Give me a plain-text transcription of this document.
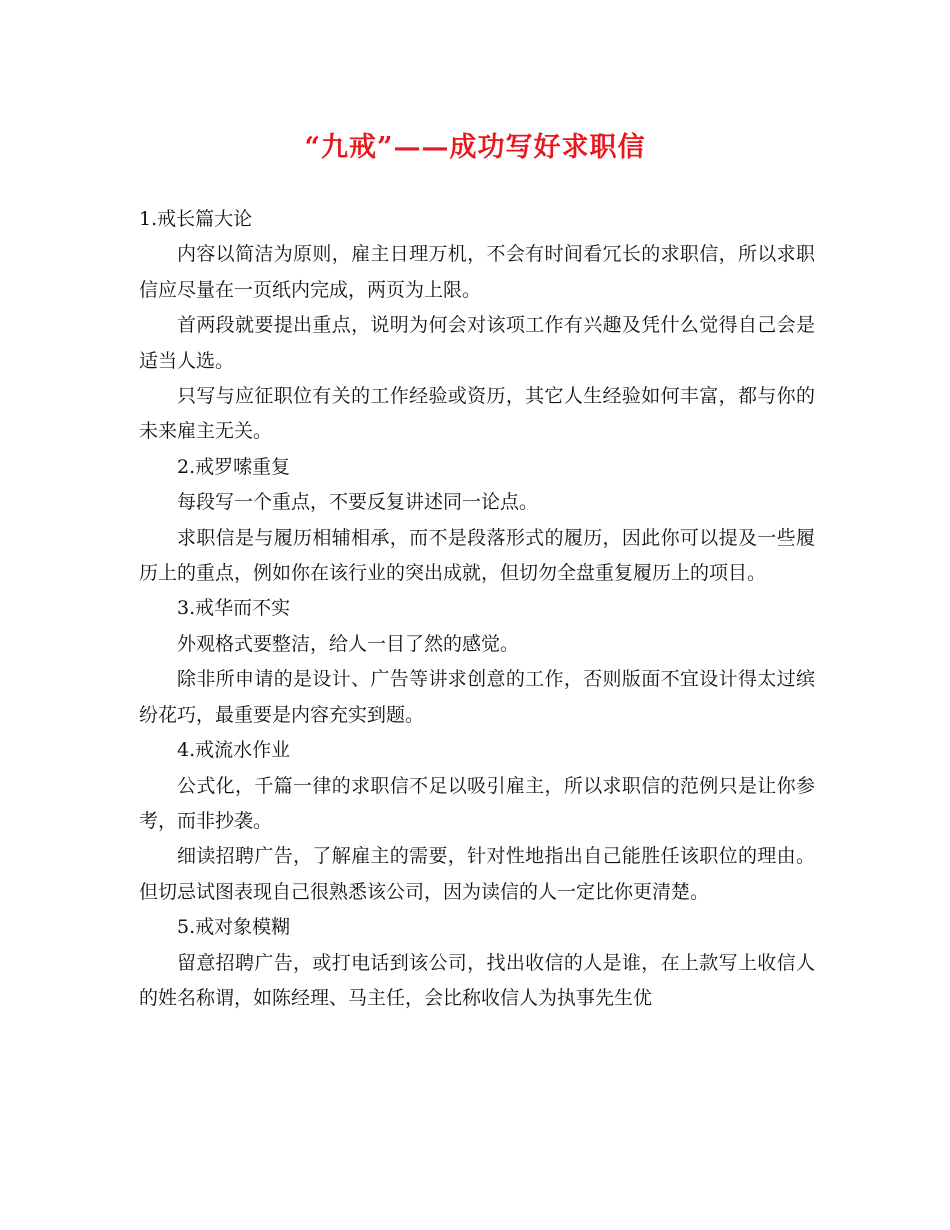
“九戒”——成功写好求职信

1.戒长篇大论

内容以简洁为原则，雇主日理万机，不会有时间看冗长的求职信，所以求职信应尽量在一页纸内完成，两页为上限。

首两段就要提出重点，说明为何会对该项工作有兴趣及凭什么觉得自己会是适当人选。

只写与应征职位有关的工作经验或资历，其它人生经验如何丰富，都与你的未来雇主无关。

2.戒罗嗦重复

每段写一个重点，不要反复讲述同一论点。

求职信是与履历相辅相承，而不是段落形式的履历，因此你可以提及一些履历上的重点，例如你在该行业的突出成就，但切勿全盘重复履历上的项目。

3.戒华而不实

外观格式要整洁，给人一目了然的感觉。

除非所申请的是设计、广告等讲求创意的工作，否则版面不宜设计得太过缤纷花巧，最重要是内容充实到题。

4.戒流水作业

公式化，千篇一律的求职信不足以吸引雇主，所以求职信的范例只是让你参考，而非抄袭。

细读招聘广告，了解雇主的需要，针对性地指出自己能胜任该职位的理由。但切忌试图表现自己很熟悉该公司，因为读信的人一定比你更清楚。

5.戒对象模糊

留意招聘广告，或打电话到该公司，找出收信的人是谁，在上款写上收信人的姓名称谓，如陈经理、马主任，会比称收信人为执事先生优
